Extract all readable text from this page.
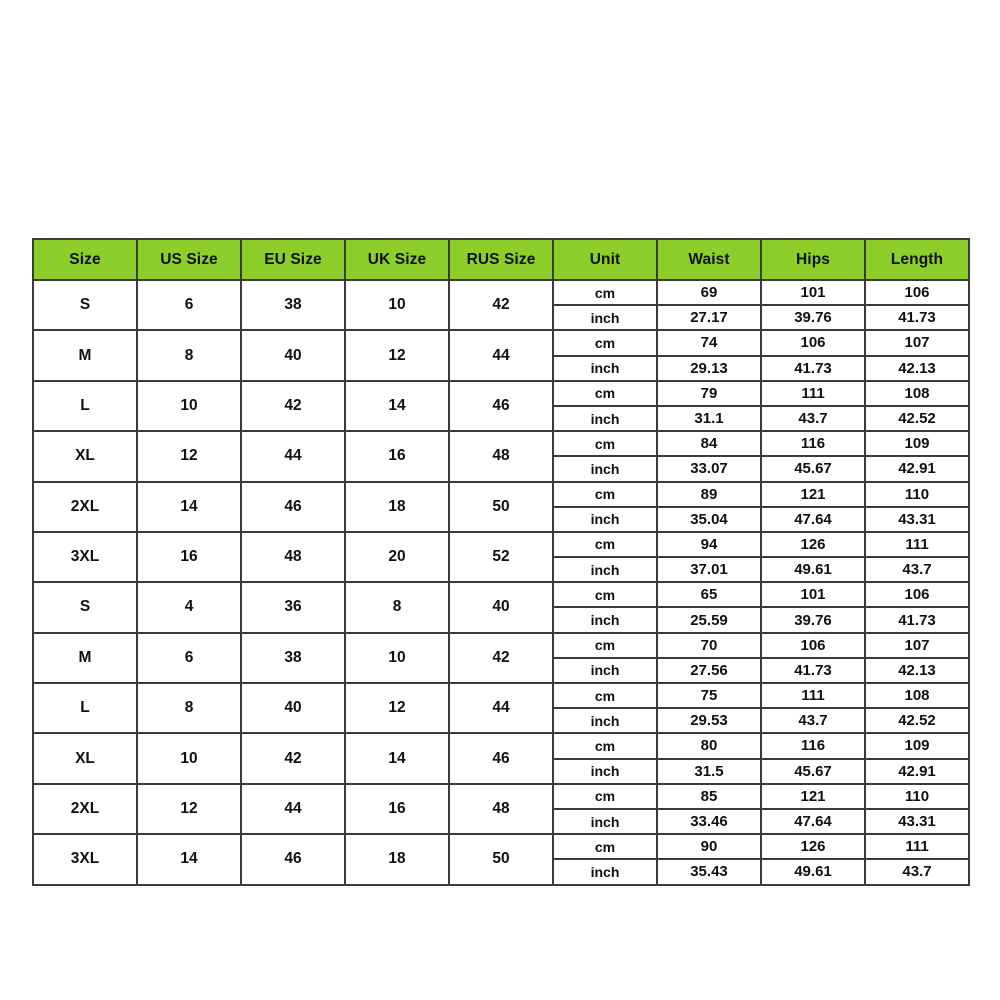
Size	US Size	EU Size	UK Size	RUS Size	Unit	Waist	Hips	Length
S	6	38	10	42	cm	69	101	106
					inch	27.17	39.76	41.73
M	8	40	12	44	cm	74	106	107
					inch	29.13	41.73	42.13
L	10	42	14	46	cm	79	111	108
					inch	31.1	43.7	42.52
XL	12	44	16	48	cm	84	116	109
					inch	33.07	45.67	42.91
2XL	14	46	18	50	cm	89	121	110
					inch	35.04	47.64	43.31
3XL	16	48	20	52	cm	94	126	111
					inch	37.01	49.61	43.7
S	4	36	8	40	cm	65	101	106
					inch	25.59	39.76	41.73
M	6	38	10	42	cm	70	106	107
					inch	27.56	41.73	42.13
L	8	40	12	44	cm	75	111	108
					inch	29.53	43.7	42.52
XL	10	42	14	46	cm	80	116	109
					inch	31.5	45.67	42.91
2XL	12	44	16	48	cm	85	121	110
					inch	33.46	47.64	43.31
3XL	14	46	18	50	cm	90	126	111
					inch	35.43	49.61	43.7
